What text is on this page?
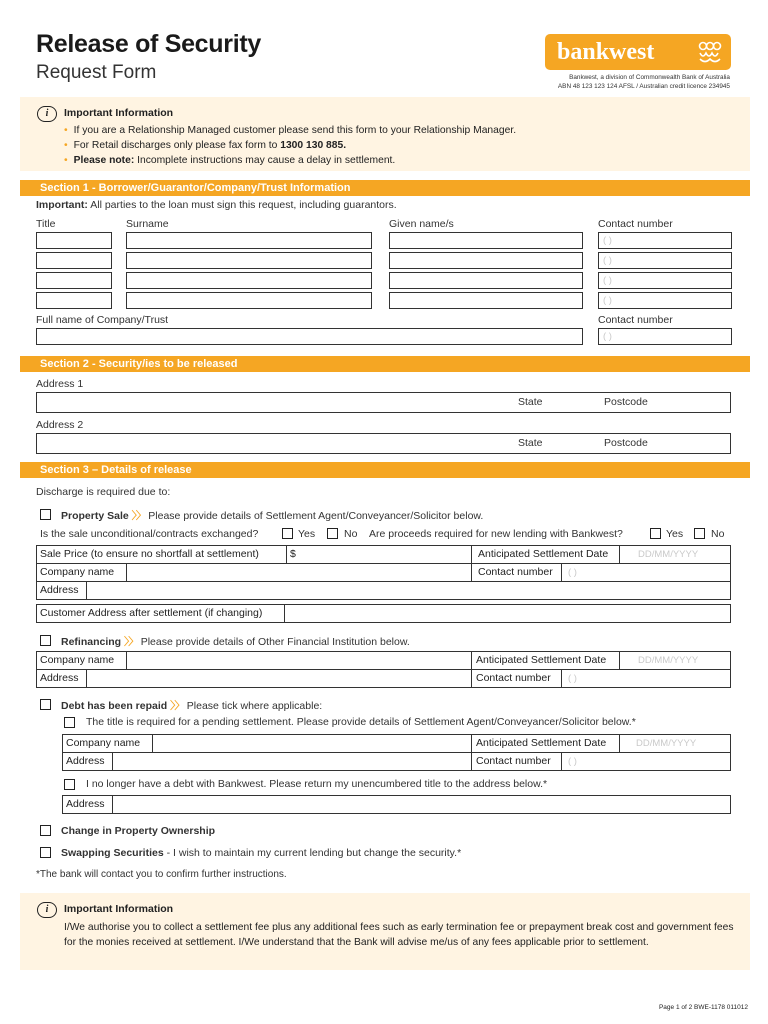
Release of Security
Request Form
bankwest
Bankwest, a division of Commonwealth Bank of Australia
ABN 48 123 123 124 AFSL / Australian credit licence 234945
i	Important Information
• If you are a Relationship Managed customer please send this form to your Relationship Manager.
• For Retail discharges only please fax form to 1300 130 885.
• Please note: Incomplete instructions may cause a delay in settlement.
Section 1 - Borrower/Guarantor/Company/Trust Information
Important: All parties to the loan must sign this request, including guarantors.
Title	Surname	Given name/s	Contact number
( )
( )
( )
( )
Full name of Company/Trust	Contact number
( )
Section 2 - Security/ies to be released
Address 1
State	Postcode
Address 2
State	Postcode
Section 3 – Details of release
Discharge is required due to:
Property Sale 〉〉 Please provide details of Settlement Agent/Conveyancer/Solicitor below.
Is the sale unconditional/contracts exchanged?	Yes	No Are proceeds required for new lending with Bankwest?	Yes	No
Sale Price (to ensure no shortfall at settlement)	$	Anticipated Settlement Date	DD/MM/YYYY
Company name	Contact number	( )
Address
Customer Address after settlement (if changing)
Refinancing 〉〉 Please provide details of Other Financial Institution below.
Company name	Anticipated Settlement Date	DD/MM/YYYY
Address	Contact number	( )
Debt has been repaid 〉〉 Please tick where applicable:
The title is required for a pending settlement. Please provide details of Settlement Agent/Conveyancer/Solicitor below.*
Company name	Anticipated Settlement Date	DD/MM/YYYY
Address	Contact number	( )
I no longer have a debt with Bankwest. Please return my unencumbered title to the address below.*
Address
Change in Property Ownership
Swapping Securities - I wish to maintain my current lending but change the security.*
*The bank will contact you to confirm further instructions.
i	Important Information
I/We authorise you to collect a settlement fee plus any additional fees such as early termination fee or prepayment break cost and government fees for the monies received at settlement. I/We understand that the Bank will advise me/us of any fees applicable prior to settlement.
Page 1 of 2 BWE-1178 011012
